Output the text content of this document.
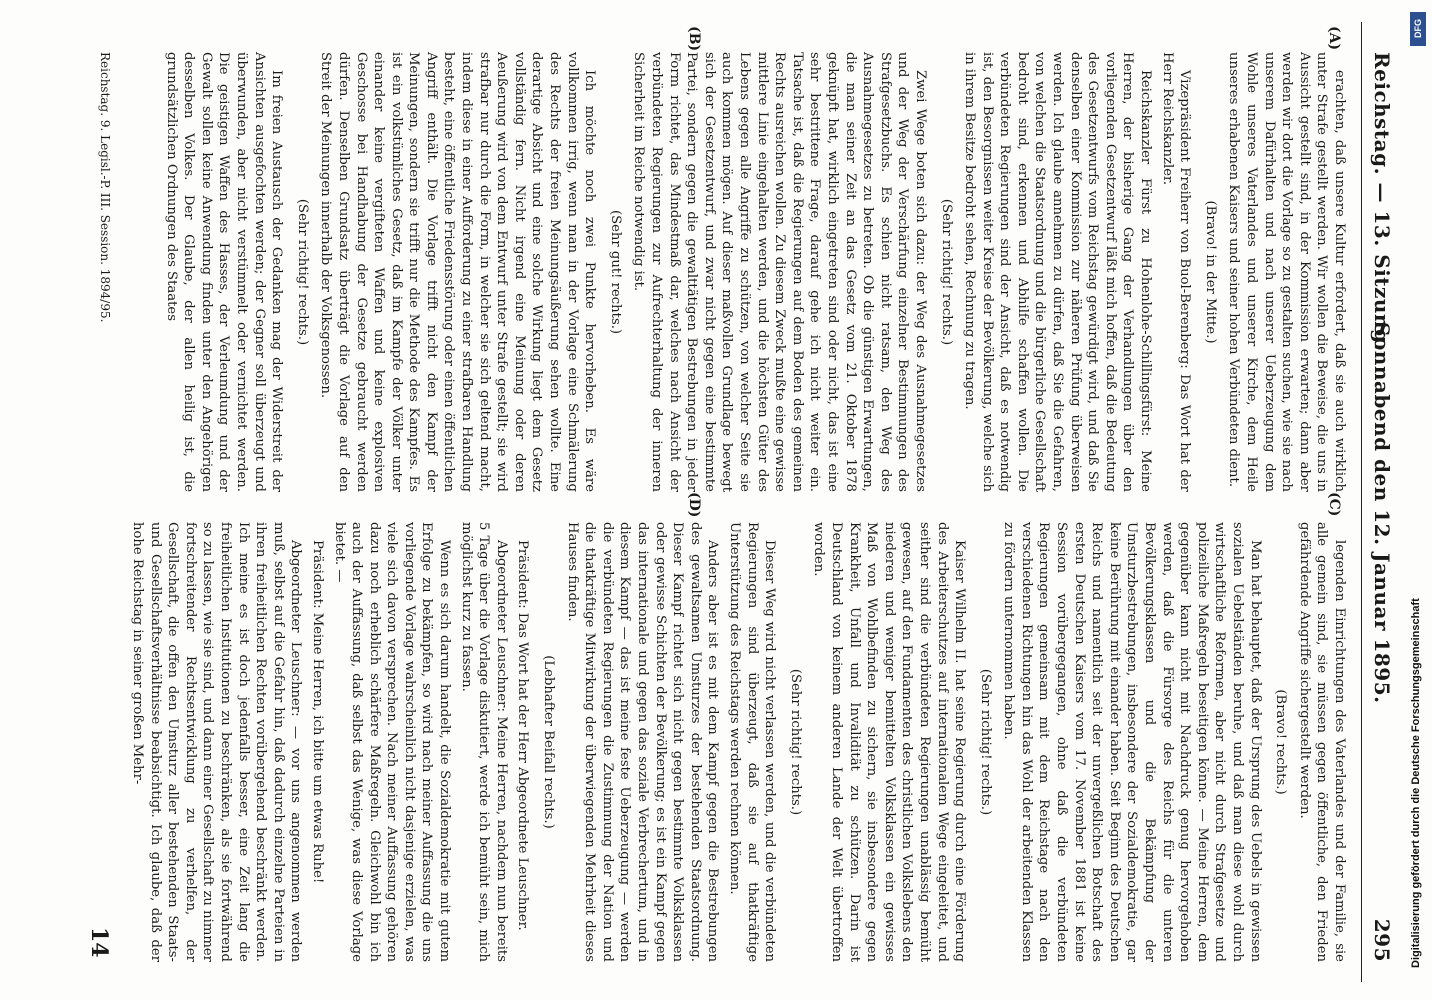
Reichstag. — 13. Sitzung.
Sonnabend den 12. Januar 1895.
295

erachten, daß unsere Kultur erfordert, daß sie auch wirklich unter Strafe gestellt werden. Wir wollen die Beweise, die uns in Aussicht gestellt sind, in der Kommission erwarten; dann aber werden wir dort die Vorlage so zu gestalten suchen, wie sie nach unserem Dafürhalten und nach unserer Ueberzeugung dem Wohle unseres Vaterlandes und unserer Kirche, dem Heile unseres erhabenen Kaisers und seiner hohen Verbündeten dient.

(Bravo! in der Mitte.)

Vizepräsident Freiherr von Buol-Berenberg: Das Wort hat der Herr Reichskanzler.

Reichskanzler Fürst zu Hohenlohe-Schillingsfürst: Meine Herren, der bisherige Gang der Verhandlungen über den vorliegenden Gesetzentwurf läßt mich hoffen, daß die Bedeutung des Gesetzentwurfs vom Reichstag gewürdigt wird, und daß Sie denselben einer Kommission zur näheren Prüfung überweisen werden. Ich glaube annehmen zu dürfen, daß Sie die Gefahren, von welchen die Staatsordnung und die bürgerliche Gesellschaft bedroht sind, erkennen und Abhilfe schaffen wollen. Die verbündeten Regierungen sind der Ansicht, daß es notwendig ist, den Besorgnissen weiter Kreise der Bevölkerung, welche sich in ihrem Besitze bedroht sehen, Rechnung zu tragen.

(Sehr richtig! rechts.)

Zwei Wege boten sich dazu: der Weg des Ausnahmegesetzes und der Weg der Verschärfung einzelner Bestimmungen des Strafgesetzbuchs. Es schien nicht ratsam, den Weg des Ausnahmegesetzes zu betreten. Ob die günstigen Erwartungen, die man seiner Zeit an das Gesetz vom 21. Oktober 1878 geknüpft hat, wirklich eingetreten sind oder nicht, das ist eine sehr bestrittene Frage, darauf gehe ich nicht weiter ein. Tatsache ist, daß die Regierungen auf dem Boden des gemeinen Rechts ausreichen wollen. Zu diesem Zweck mußte eine gewisse mittlere Linie eingehalten werden, und die höchsten Güter des Lebens gegen alle Angriffe zu schützen, von welcher Seite sie auch kommen mögen. Auf dieser maßvollen Grundlage bewegt sich der Gesetzentwurf, und zwar nicht gegen eine bestimmte Partei, sondern gegen die gewalttätigen Bestrebungen in jeder Form richtet, das Mindestmaß dar, welches nach Ansicht der verbündeten Regierungen zur Aufrechterhaltung der inneren Sicherheit im Reiche notwendig ist.

(Sehr gut! rechts.)

Ich möchte noch zwei Punkte hervorheben. Es wäre vollkommen irrig, wenn man in der Vorlage eine Schmälerung des Rechts der freien Meinungsäußerung sehen wollte. Eine derartige Absicht und eine solche Wirkung liegt dem Gesetz vollständig fern. Nicht irgend eine Meinung oder deren Aeußerung wird von dem Entwurf unter Strafe gestellt; sie wird strafbar nur durch die Form, in welcher sie sich geltend macht, indem diese in einer Aufforderung zu einer strafbaren Handlung besteht, eine öffentliche Friedensstörung oder einen öffentlichen Angriff enthält. Die Vorlage trifft nicht den Kampf der Meinungen, sondern sie trifft nur die Methode des Kampfes. Es ist ein volkstümliches Gesetz, daß im Kampfe der Völker unter einander keine vergifteten Waffen und keine explosiven Geschosse bei Handhabung der Gesetze gebraucht werden dürfen. Denselben Grundsatz überträgt die Vorlage auf den Streit der Meinungen innerhalb der Volksgenossen.

(Sehr richtig! rechts.)

Im freien Austausch der Gedanken mag der Widerstreit der Ansichten ausgefochten werden; der Gegner soll überzeugt und überwunden, aber nicht verstümmelt oder vernichtet werden. Die geistigen Waffen des Hasses, der Verleumdung und der Gewalt sollen keine Anwendung finden unter den Angehörigen desselben Volkes. Der Glaube, der allen heilig ist, die grundsätzlichen Ordnungen des Staates

legenden Einrichtungen des Vaterlandes und der Familie, sie alle gemein sind, sie müssen gegen öffentliche, den Frieden gefährdende Angriffe sichergestellt werden.

(Bravo! rechts.)

Man hat behauptet, daß der Ursprung des Uebels in gewissen sozialen Uebelständen beruhe, und daß man diese wohl durch wirtschaftliche Reformen, aber nicht durch Strafgesetze und polizeiliche Maßregeln beseitigen könne. — Meine Herren, dem gegenüber kann nicht mit Nachdruck genug hervorgehoben werden, daß die Fürsorge des Reichs für die unteren Bevölkerungsklassen und die Bekämpfung der Umsturzbestrebungen, insbesondere der Sozialdemokratie, gar keine Berührung mit einander haben. Seit Beginn des Deutschen Reichs und namentlich seit der unvergeßlichen Botschaft des ersten Deutschen Kaisers vom 17. November 1881 ist keine Session vorübergegangen, ohne daß die verbündeten Regierungen gemeinsam mit dem Reichstage nach den verschiedenen Richtungen hin das Wohl der arbeitenden Klassen zu fördern unternommen haben.

(Sehr richtig! rechts.)

Kaiser Wilhelm II. hat seine Regierung durch eine Förderung des Arbeiterschutzes auf internationalem Wege eingeleitet, und seither sind die verbündeten Regierungen unablässig bemüht gewesen, auf den Fundamenten des christlichen Volkslebens den niederen und weniger bemittelten Volksklassen ein gewisses Maß von Wohlbefinden zu sichern, sie insbesondere gegen Krankheit, Unfall und Invalidität zu schützen. Darin ist Deutschland von keinem anderen Lande der Welt übertroffen worden.

(Sehr richtig! rechts.)

Dieser Weg wird nicht verlassen werden, und die verbündeten Regierungen sind überzeugt, daß sie auf thatkräftige Unterstützung des Reichstags werden rechnen können.

Anders aber ist es mit dem Kampf gegen die Bestrebungen des gewaltsamen Umsturzes der bestehenden Staatsordnung. Dieser Kampf richtet sich nicht gegen bestimmte Volksklassen oder gewisse Schichten der Bevölkerung; es ist ein Kampf gegen das internationale und gegen das soziale Verbrechertum, und in diesem Kampf — das ist meine feste Ueberzeugung — werden die verbündeten Regierungen die Zustimmung der Nation und die thatkräftige Mitwirkung der überwiegenden Mehrheit dieses Hauses finden.

(Lebhafter Beifall rechts.)

Präsident: Das Wort hat der Herr Abgeordnete Leuschner.

Abgeordneter Leuschner: Meine Herren, nachdem nun bereits 5 Tage über die Vorlage diskutiert, werde ich bemüht sein, mich möglichst kurz zu fassen.

Wenn es sich darum handelt, die Sozialdemokratie mit gutem Erfolge zu bekämpfen, so wird nach meiner Auffassung die uns vorliegende Vorlage wahrscheinlich nicht dasjenige erzielen, was viele sich davon versprechen. Nach meiner Auffassung gehören dazu noch erheblich schärfere Maßregeln. Gleichwohl bin ich auch der Auffassung, daß selbst das Wenige, was diese Vorlage bietet. —

Präsident: Meine Herren, ich bitte um etwas Ruhe!

Abgeordneter Leuschner: — vor uns angenommen werden muß, selbst auf die Gefahr hin, daß dadurch einzelne Parteien in ihren freiheitlichen Rechten vorübergehend beschränkt werden. Ich meine es ist doch jedenfalls besser, eine Zeit lang die freiheitlichen Institutionen zu beschränken, als sie fortwährend so zu lassen, wie sie sind, und dann einer Gesellschaft zu nimmer fortschreitender Rechtsentwicklung zu verhelfen, der Gesellschaft, die offen den Umsturz aller bestehenden Staats- und Gesellschaftsverhältnisse beabsichtigt. Ich glaube, daß der hohe Reichstag in seiner großen Mehr-

(A)
(B)
(C)
(D)
14
Reichstag. 9. Legisl.-P. III. Session. 1894/95.
DFG
Digitalisierung gefördert durch die Deutsche Forschungsgemeinschaft
